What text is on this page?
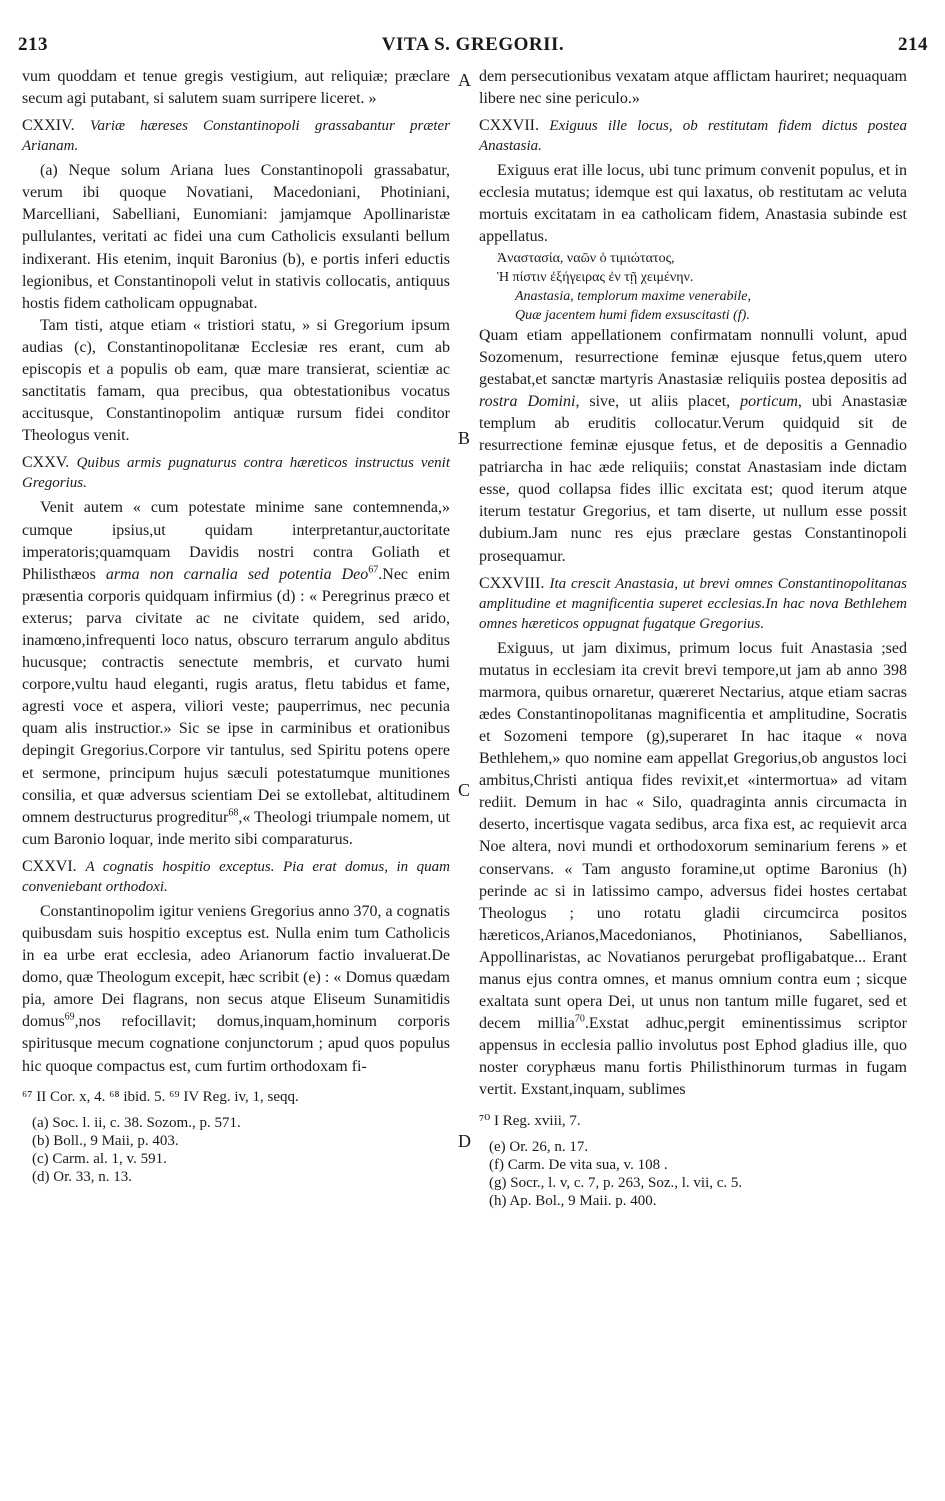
213	VITA S. GREGORII.	214
A
B
C
D

vum quoddam et tenue gregis vestigium, aut reliquiæ; præclare secum agi putabant, si salutem suam surripere liceret. »

CXXIV. Variæ hæreses Constantinopoli grassabantur præter Arianam.

(a) Neque solum Ariana lues Constantinopoli grassabatur, verum ibi quoque Novatiani, Macedoniani, Photiniani, Marcelliani, Sabelliani, Eunomiani: jamjamque Apollinaristæ pullulantes, veritati ac fidei una cum Catholicis exsulanti bellum indixerant. His etenim, inquit Baronius (b), e portis inferi eductis legionibus, et Constantinopoli velut in stativis collocatis, antiquus hostis fidem catholicam oppugnabat.

Tam tisti, atque etiam « tristiori statu, » si Gregorium ipsum audias (c), Constantinopolitanæ Ecclesiæ res erant, cum ab episcopis et a populis ob eam, quæ mare transierat, scientiæ ac sanctitatis famam, qua precibus, qua obtestationibus vocatus accitusque, Constantinopolim antiquæ rursum fidei conditor Theologus venit.

CXXV. Quibus armis pugnaturus contra hæreticos instructus venit Gregorius.

Venit autem « cum potestate minime sane contemnenda,» cumque ipsius,ut quidam interpretantur,auctoritate imperatoris;quamquam Davidis nostri contra Goliath et Philisthæos arma non carnalia sed potentia Deo$^{67}$.Nec enim præsentia corporis quidquam infirmius (d) : « Peregrinus præco et exterus; parva civitate ac ne civitate quidem, sed arido, inamœno,infrequenti loco natus, obscuro terrarum angulo abditus hucusque; contractis senectute membris, et curvato humi corpore,vultu haud eleganti, rugis aratus, fletu tabidus et fame, agresti voce et aspera, viliori veste; pauperrimus, nec pecunia quam alis instructior.» Sic se ipse in carminibus et orationibus depingit Gregorius.Corpore vir tantulus, sed Spiritu potens opere et sermone, principum hujus sæculi potestatumque munitiones consilia, et quæ adversus scientiam Dei se extollebat, altitudinem omnem destructurus progreditur$^{68}$,« Theologi triumpale nomem, ut cum Baronio loquar, inde merito sibi comparaturus.

CXXVI. A cognatis hospitio exceptus. Pia erat domus, in quam conveniebant orthodoxi.

Constantinopolim igitur veniens Gregorius anno 370, a cognatis quibusdam suis hospitio exceptus est. Nulla enim tum Catholicis in ea urbe erat ecclesia, adeo Arianorum factio invaluerat.De domo, quæ Theologum excepit, hæc scribit (e) : « Domus quædam pia, amore Dei flagrans, non secus atque Eliseum Sunamitidis domus$^{69}$,nos refocillavit; domus,inquam,hominum corporis spiritusque mecum cognatione conjunctorum ; apud quos populus hic quoque compactus est, cum furtim orthodoxam fi-

⁶⁷ II Cor. x, 4. ⁶⁸ ibid. 5. ⁶⁹ IV Reg. iv, 1, seqq.

(a) Soc. l. ii, c. 38. Sozom., p. 571.

(b) Boll., 9 Maii, p. 403.

(c) Carm. al. 1, v. 591.

(d) Or. 33, n. 13.

dem persecutionibus vexatam atque afflictam hauriret; nequaquam libere nec sine periculo.»

CXXVII. Exiguus ille locus, ob restitutam fidem dictus postea Anastasia.

Exiguus erat ille locus, ubi tunc primum convenit populus, et in ecclesia mutatus; idemque est qui laxatus, ob restitutam ac veluta mortuis excitatam in ea catholicam fidem, Anastasia subinde est appellatus.

Ἀναστασία, ναῶν ὁ τιμιώτατος,

Ἡ πίστιν ἐξήγειρας ἐν τῇ χειμένην.

Anastasia, templorum maxime venerabile,

Quæ jacentem humi fidem exsuscitasti (f).

Quam etiam appellationem confirmatam nonnulli volunt, apud Sozomenum, resurrectione feminæ ejusque fetus,quem utero gestabat,et sanctæ martyris Anastasiæ reliquiis postea depositis ad rostra Domini, sive, ut aliis placet, porticum, ubi Anastasiæ templum ab eruditis collocatur.Verum quidquid sit de resurrectione feminæ ejusque fetus, et de depositis a Gennadio patriarcha in hac æde reliquiis; constat Anastasiam inde dictam esse, quod collapsa fides illic excitata est; quod iterum atque iterum testatur Gregorius, et tam diserte, ut nullum esse possit dubium.Jam nunc res ejus præclare gestas Constantinopoli prosequamur.

CXXVIII. Ita crescit Anastasia, ut brevi omnes Constantinopolitanas amplitudine et magnificentia superet ecclesias.In hac nova Bethlehem omnes hæreticos oppugnat fugatque Gregorius.

Exiguus, ut jam diximus, primum locus fuit Anastasia ;sed mutatus in ecclesiam ita crevit brevi tempore,ut jam ab anno 398 marmora, quibus ornaretur, quæreret Nectarius, atque etiam sacras ædes Constantinopolitanas magnificentia et amplitudine, Socratis et Sozomeni tempore (g),superaret In hac itaque « nova Bethlehem,» quo nomine eam appellat Gregorius,ob angustos loci ambitus,Christi antiqua fides revixit,et «intermortua» ad vitam rediit. Demum in hac « Silo, quadraginta annis circumacta in deserto, incertisque vagata sedibus, arca fixa est, ac requievit arca Noe altera, novi mundi et orthodoxorum seminarium ferens » et conservans. « Tam angusto foramine,ut optime Baronius (h) perinde ac si in latissimo campo, adversus fidei hostes certabat Theologus ; uno rotatu gladii circumcirca positos hæreticos,Arianos,Macedonianos, Photinianos, Sabellianos, Appollinaristas, ac Novatianos perurgebat profligabatque... Erant manus ejus contra omnes, et manus omnium contra eum ; sicque exaltata sunt opera Dei, ut unus non tantum mille fugaret, sed et decem millia$^{70}$.Exstat adhuc,pergit eminentissimus scriptor appensus in ecclesia pallio involutus post Ephod gladius ille, quo noster coryphæus manu fortis Philisthinorum turmas in fugam vertit. Exstant,inquam, sublimes

⁷⁰ I Reg. xviii, 7.

(e) Or. 26, n. 17.

(f) Carm. De vita sua, v. 108 .

(g) Socr., l. v, c. 7, p. 263, Soz., l. vii, c. 5.

(h) Ap. Bol., 9 Maii. p. 400.
